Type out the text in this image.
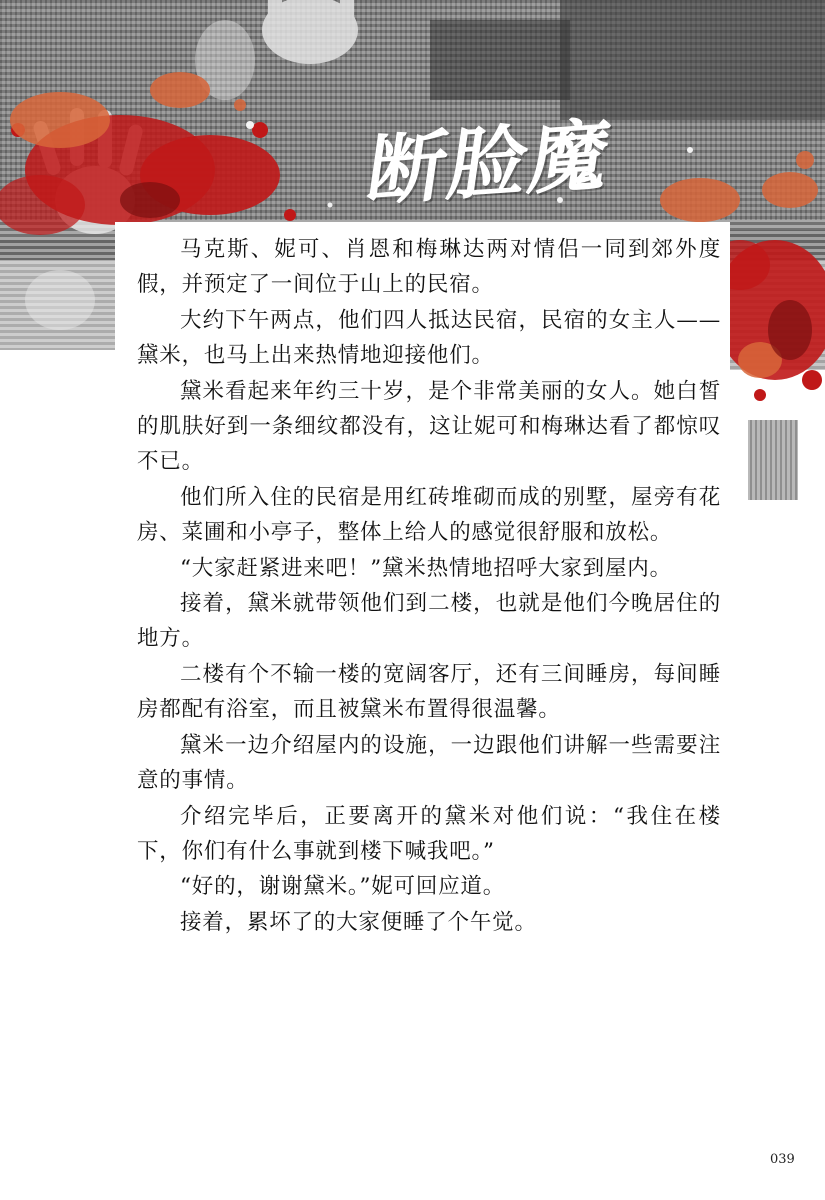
断脸魔

马克斯、妮可、肖恩和梅琳达两对情侣一同到郊外度假，并预定了一间位于山上的民宿。

大约下午两点，他们四人抵达民宿，民宿的女主人——黛米，也马上出来热情地迎接他们。

黛米看起来年约三十岁，是个非常美丽的女人。她白皙的肌肤好到一条细纹都没有，这让妮可和梅琳达看了都惊叹不已。

他们所入住的民宿是用红砖堆砌而成的别墅，屋旁有花房、菜圃和小亭子，整体上给人的感觉很舒服和放松。

“大家赶紧进来吧！”黛米热情地招呼大家到屋内。

接着，黛米就带领他们到二楼，也就是他们今晚居住的地方。

二楼有个不输一楼的宽阔客厅，还有三间睡房，每间睡房都配有浴室，而且被黛米布置得很温馨。

黛米一边介绍屋内的设施，一边跟他们讲解一些需要注意的事情。

介绍完毕后，正要离开的黛米对他们说：“我住在楼下，你们有什么事就到楼下喊我吧。”

“好的，谢谢黛米。”妮可回应道。

接着，累坏了的大家便睡了个午觉。

039
